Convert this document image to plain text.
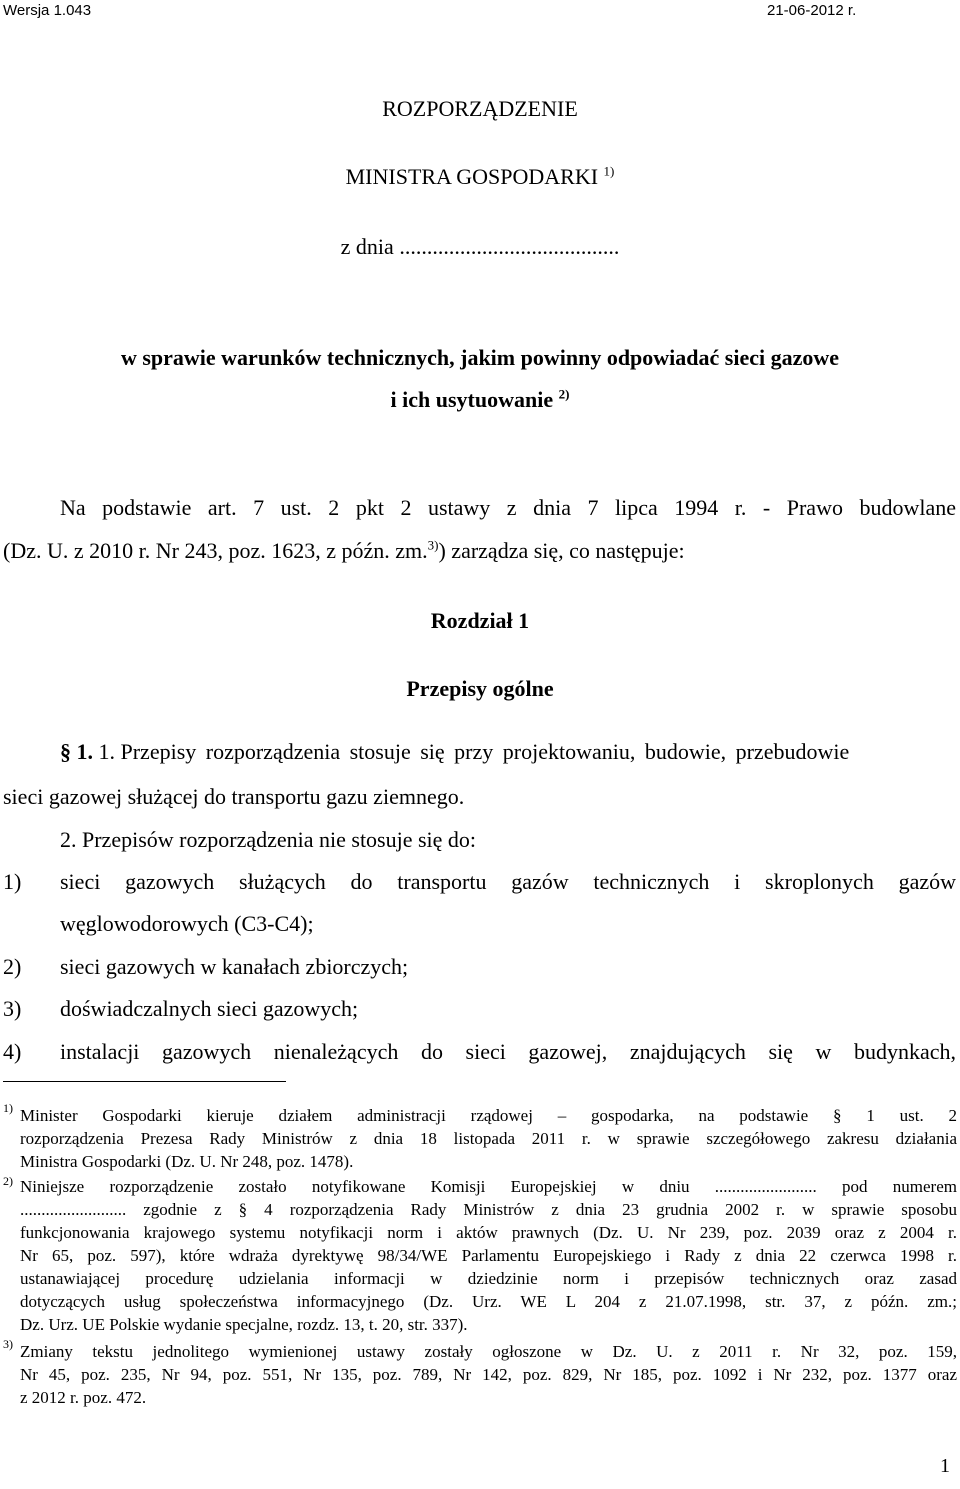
Wersja 1.043	21-06-2012 r.
ROZPORZĄDZENIE
MINISTRA GOSPODARKI $^{1)}$
z dnia ........................................
w sprawie warunków technicznych, jakim powinny odpowiadać sieci gazowe
i ich usytuowanie $^{2)}$
Na podstawie art. 7 ust. 2 pkt 2 ustawy z dnia 7 lipca 1994 r. - Prawo budowlane
(Dz. U. z 2010 r. Nr 243, poz. 1623, z późn. zm.$^{3)}$) zarządza się, co następuje:
Rozdział 1
Przepisy ogólne
§ 1. 1. Przepisy rozporządzenia stosuje się przy projektowaniu, budowie, przebudowie
sieci gazowej służącej do transportu gazu ziemnego.
2. Przepisów rozporządzenia nie stosuje się do:
1) sieci gazowych służących do transportu gazów technicznych i skroplonych gazów
węglowodorowych (C3-C4);
2) sieci gazowych w kanałach zbiorczych;
3) doświadczalnych sieci gazowych;
4) instalacji gazowych nienależących do sieci gazowej, znajdujących się w budynkach,
1) Minister Gospodarki kieruje działem administracji rządowej – gospodarka, na podstawie § 1 ust. 2
rozporządzenia Prezesa Rady Ministrów z dnia 18 listopada 2011 r. w sprawie szczegółowego zakresu działania
Ministra Gospodarki (Dz. U. Nr 248, poz. 1478).
2) Niniejsze rozporządzenie zostało notyfikowane Komisji Europejskiej w dniu ........................ pod numerem
......................... zgodnie z § 4 rozporządzenia Rady Ministrów z dnia 23 grudnia 2002 r. w sprawie sposobu
funkcjonowania krajowego systemu notyfikacji norm i aktów prawnych (Dz. U. Nr 239, poz. 2039 oraz z 2004 r.
Nr 65, poz. 597), które wdraża dyrektywę 98/34/WE Parlamentu Europejskiego i Rady z dnia 22 czerwca 1998 r.
ustanawiającej procedurę udzielania informacji w dziedzinie norm i przepisów technicznych oraz zasad
dotyczących usług społeczeństwa informacyjnego (Dz. Urz. WE L 204 z 21.07.1998, str. 37, z późn. zm.;
Dz. Urz. UE Polskie wydanie specjalne, rozdz. 13, t. 20, str. 337).
3) Zmiany tekstu jednolitego wymienionej ustawy zostały ogłoszone w Dz. U. z 2011 r. Nr 32, poz. 159,
Nr 45, poz. 235, Nr 94, poz. 551, Nr 135, poz. 789, Nr 142, poz. 829, Nr 185, poz. 1092 i Nr 232, poz. 1377 oraz
z 2012 r. poz. 472.
1
